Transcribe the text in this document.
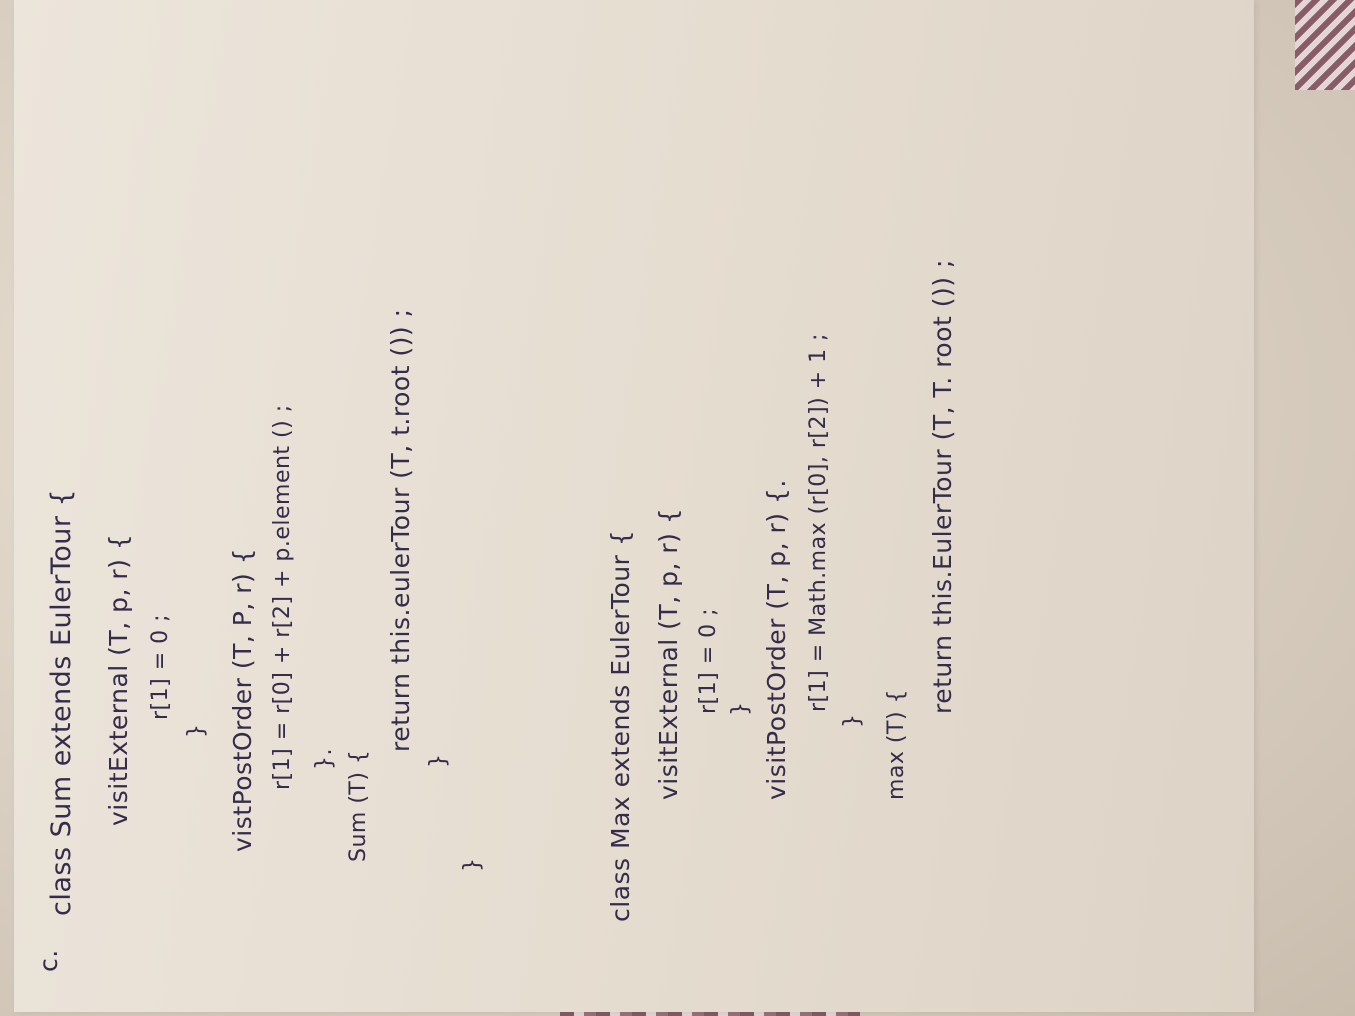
c.
class Sum extends EulerTour { visitExternal (T, p, r) { r[1] = 0 ;
} vistPostOrder (T, P, r) { r[1] = r[0] + r[2] + p.element () ; }. Sum (T) {
return this.eulerTour (T, t.root ()) ;
}
}	class Max extends EulerTour { visitExternal (T, p, r) { r[1] = 0 ; } visitPostOrder (T, p, r) {. r[1] = Math.max (r[0], r[2]) + 1 ;
} max (T) {
return this.EulerTour (T, T. root ()) ;
